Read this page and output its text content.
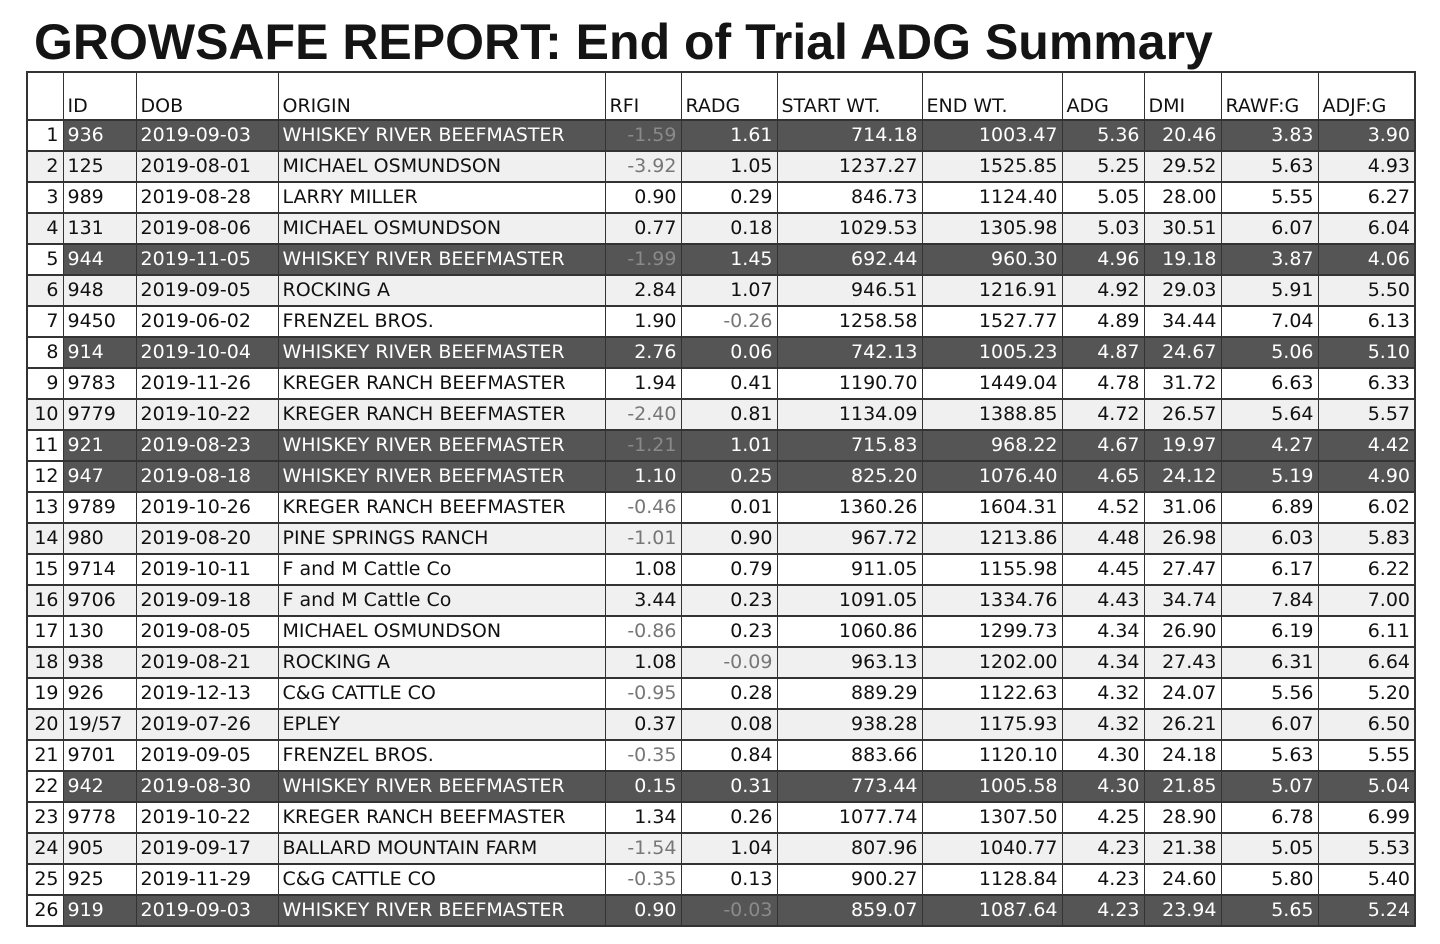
GROWSAFE REPORT: End of Trial ADG Summary
	ID	DOB	ORIGIN	RFI	RADG	START WT.	END WT.	ADG	DMI	RAWF:G	ADJF:G
1	936	2019-09-03	WHISKEY RIVER BEEFMASTER	-1.59	1.61	714.18	1003.47	5.36	20.46	3.83	3.90
2	125	2019-08-01	MICHAEL OSMUNDSON	-3.92	1.05	1237.27	1525.85	5.25	29.52	5.63	4.93
3	989	2019-08-28	LARRY MILLER	0.90	0.29	846.73	1124.40	5.05	28.00	5.55	6.27
4	131	2019-08-06	MICHAEL OSMUNDSON	0.77	0.18	1029.53	1305.98	5.03	30.51	6.07	6.04
5	944	2019-11-05	WHISKEY RIVER BEEFMASTER	-1.99	1.45	692.44	960.30	4.96	19.18	3.87	4.06
6	948	2019-09-05	ROCKING A	2.84	1.07	946.51	1216.91	4.92	29.03	5.91	5.50
7	9450	2019-06-02	FRENZEL BROS.	1.90	-0.26	1258.58	1527.77	4.89	34.44	7.04	6.13
8	914	2019-10-04	WHISKEY RIVER BEEFMASTER	2.76	0.06	742.13	1005.23	4.87	24.67	5.06	5.10
9	9783	2019-11-26	KREGER RANCH BEEFMASTER	1.94	0.41	1190.70	1449.04	4.78	31.72	6.63	6.33
10	9779	2019-10-22	KREGER RANCH BEEFMASTER	-2.40	0.81	1134.09	1388.85	4.72	26.57	5.64	5.57
11	921	2019-08-23	WHISKEY RIVER BEEFMASTER	-1.21	1.01	715.83	968.22	4.67	19.97	4.27	4.42
12	947	2019-08-18	WHISKEY RIVER BEEFMASTER	1.10	0.25	825.20	1076.40	4.65	24.12	5.19	4.90
13	9789	2019-10-26	KREGER RANCH BEEFMASTER	-0.46	0.01	1360.26	1604.31	4.52	31.06	6.89	6.02
14	980	2019-08-20	PINE SPRINGS RANCH	-1.01	0.90	967.72	1213.86	4.48	26.98	6.03	5.83
15	9714	2019-10-11	F and M Cattle Co	1.08	0.79	911.05	1155.98	4.45	27.47	6.17	6.22
16	9706	2019-09-18	F and M Cattle Co	3.44	0.23	1091.05	1334.76	4.43	34.74	7.84	7.00
17	130	2019-08-05	MICHAEL OSMUNDSON	-0.86	0.23	1060.86	1299.73	4.34	26.90	6.19	6.11
18	938	2019-08-21	ROCKING A	1.08	-0.09	963.13	1202.00	4.34	27.43	6.31	6.64
19	926	2019-12-13	C&G CATTLE CO	-0.95	0.28	889.29	1122.63	4.32	24.07	5.56	5.20
20	19/57	2019-07-26	EPLEY	0.37	0.08	938.28	1175.93	4.32	26.21	6.07	6.50
21	9701	2019-09-05	FRENZEL BROS.	-0.35	0.84	883.66	1120.10	4.30	24.18	5.63	5.55
22	942	2019-08-30	WHISKEY RIVER BEEFMASTER	0.15	0.31	773.44	1005.58	4.30	21.85	5.07	5.04
23	9778	2019-10-22	KREGER RANCH BEEFMASTER	1.34	0.26	1077.74	1307.50	4.25	28.90	6.78	6.99
24	905	2019-09-17	BALLARD MOUNTAIN FARM	-1.54	1.04	807.96	1040.77	4.23	21.38	5.05	5.53
25	925	2019-11-29	C&G CATTLE CO	-0.35	0.13	900.27	1128.84	4.23	24.60	5.80	5.40
26	919	2019-09-03	WHISKEY RIVER BEEFMASTER	0.90	-0.03	859.07	1087.64	4.23	23.94	5.65	5.24
